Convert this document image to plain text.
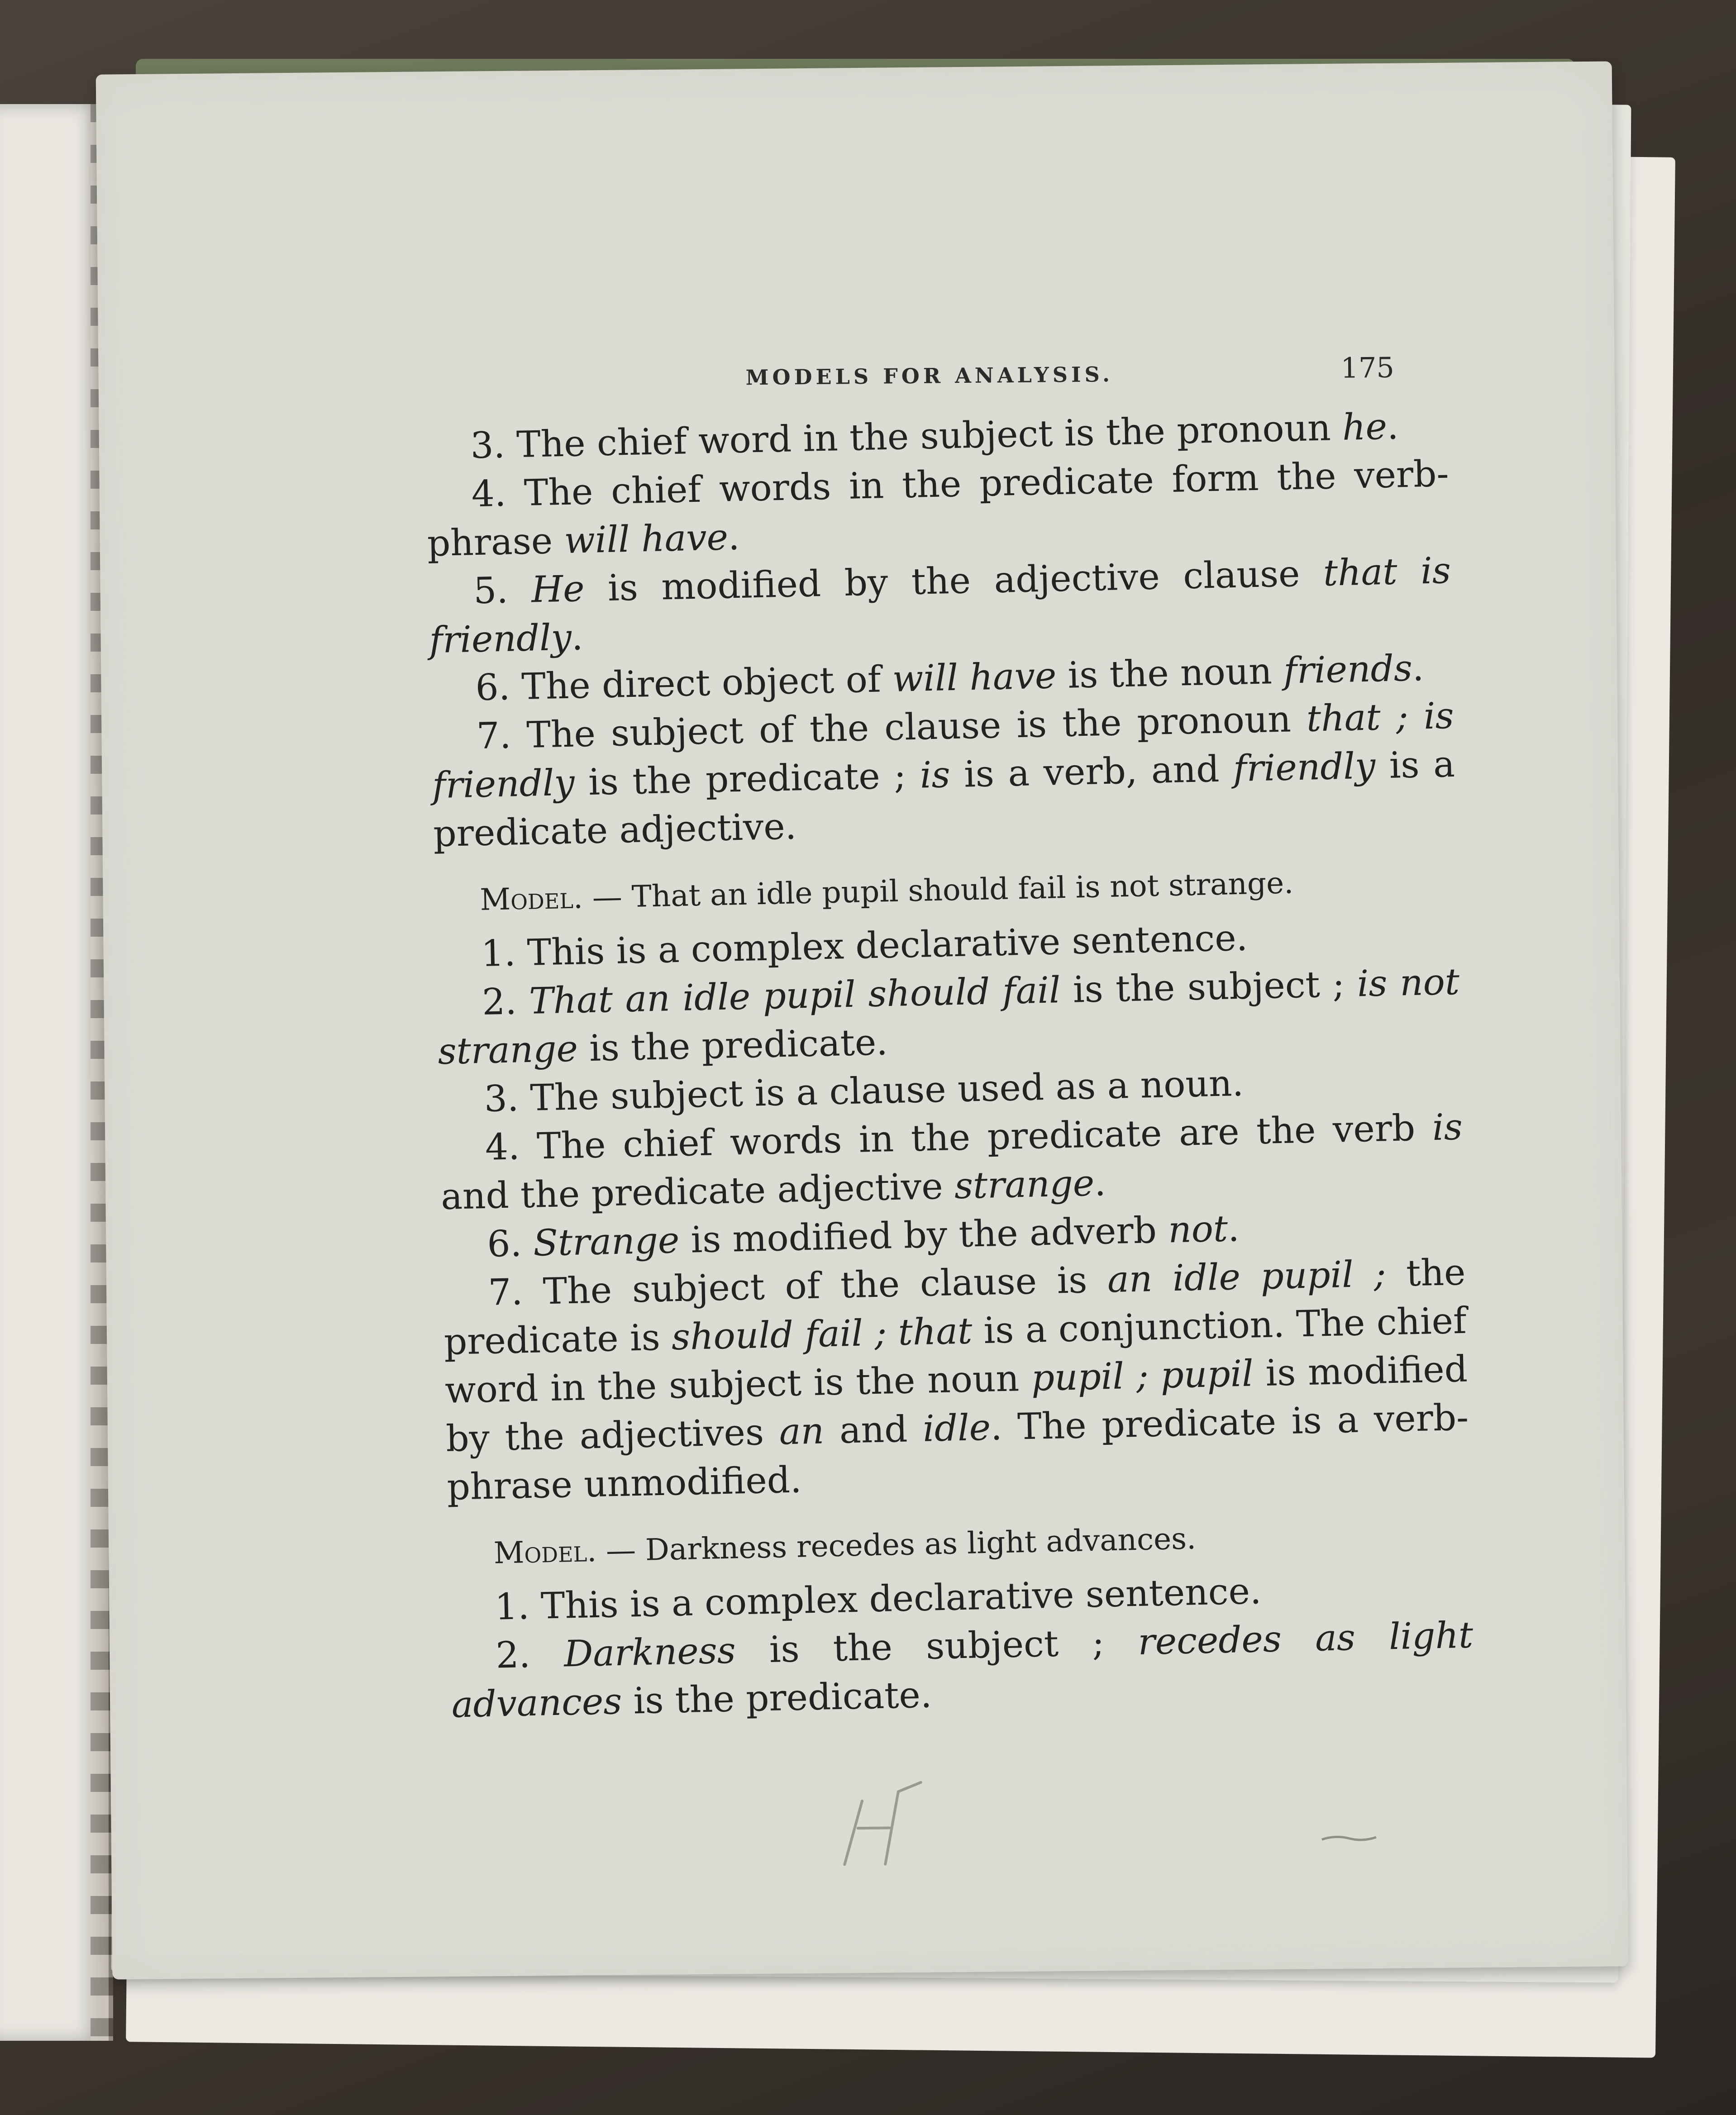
MODELS FOR ANALYSIS.	175

3. The chief word in the subject is the pronoun he.

4. The chief words in the predicate form the verb-phrase will have.

5. He is modified by the adjective clause that is friendly.

6. The direct object of will have is the noun friends.

7. The subject of the clause is the pronoun that ; is friendly is the predicate ; is is a verb, and friendly is a predicate adjective.

Model. — That an idle pupil should fail is not strange.

1. This is a complex declarative sentence.

2. That an idle pupil should fail is the subject ; is not strange is the predicate.

3. The subject is a clause used as a noun.

4. The chief words in the predicate are the verb is and the predicate adjective strange.

6. Strange is modified by the adverb not.

7. The subject of the clause is an idle pupil ; the predicate is should fail ; that is a conjunction. The chief word in the subject is the noun pupil ; pupil is modified by the adjectives an and idle. The predicate is a verb-phrase unmodified.

Model. — Darkness recedes as light advances.

1. This is a complex declarative sentence.

2. Darkness is the subject ; recedes as light advances is the predicate.
